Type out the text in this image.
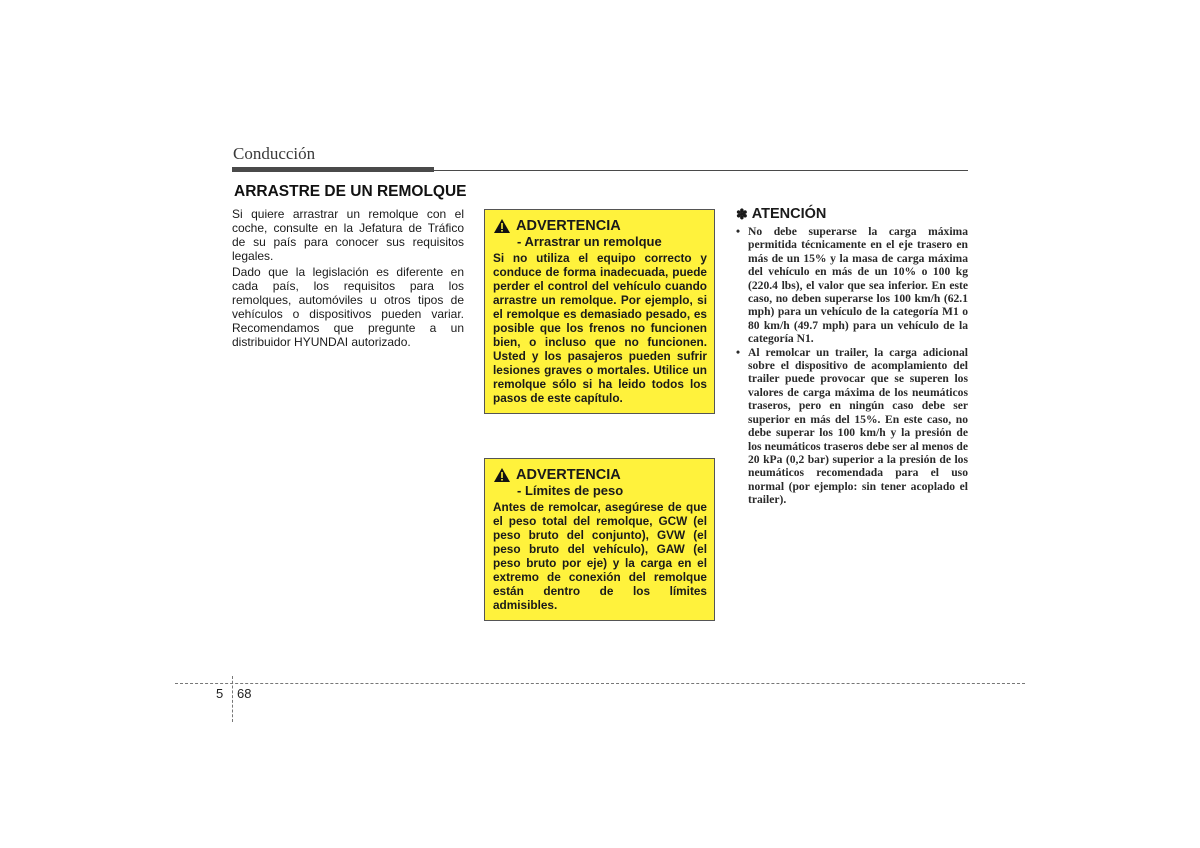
Conducción
ARRASTRE DE UN REMOLQUE

Si quiere arrastrar un remolque con el coche, consulte en la Jefatura de Tráfico de su país para conocer sus requisitos legales.

Dado que la legislación es diferente en cada país, los requisitos para los remolques, automóviles u otros tipos de vehículos o dispositivos pueden variar. Recomendamos que pregunte a un distribuidor HYUNDAI autorizado.

ADVERTENCIA
- Arrastrar un remolque
Si no utiliza el equipo correcto y conduce de forma inadecuada, puede perder el control del vehículo cuando arrastre un remolque. Por ejemplo, si el remolque es demasiado pesado, es posible que los frenos no funcionen bien, o incluso que no funcionen. Usted y los pasajeros pueden sufrir lesiones graves o mortales. Utilice un remolque sólo si ha leido todos los pasos de este capítulo.
ADVERTENCIA
- Límites de peso
Antes de remolcar, asegúrese de que el peso total del remolque, GCW (el peso bruto del conjunto), GVW (el peso bruto del vehículo), GAW (el peso bruto por eje) y la carga en el extremo de conexión del remolque están dentro de los límites admisibles.
✽ ATENCIÓN
• No debe superarse la carga máxima permitida técnicamente en el eje trasero en más de un 15% y la masa de carga máxima del vehículo en más de un 10% o 100 kg (220.4 lbs), el valor que sea inferior. En este caso, no deben superarse los 100 km/h (62.1 mph) para un vehículo de la categoría M1 o 80 km/h (49.7 mph) para un vehículo de la categoría N1.
• Al remolcar un trailer, la carga adicional sobre el dispositivo de acomplamiento del trailer puede provocar que se superen los valores de carga máxima de los neumáticos traseros, pero en ningún caso debe ser superior en más del 15%. En este caso, no debe superar los 100 km/h y la presión de los neumáticos traseros debe ser al menos de 20 kPa (0,2 bar) superior a la presión de los neumáticos recomendada para el uso normal (por ejemplo: sin tener acoplado el trailer).
5 68
